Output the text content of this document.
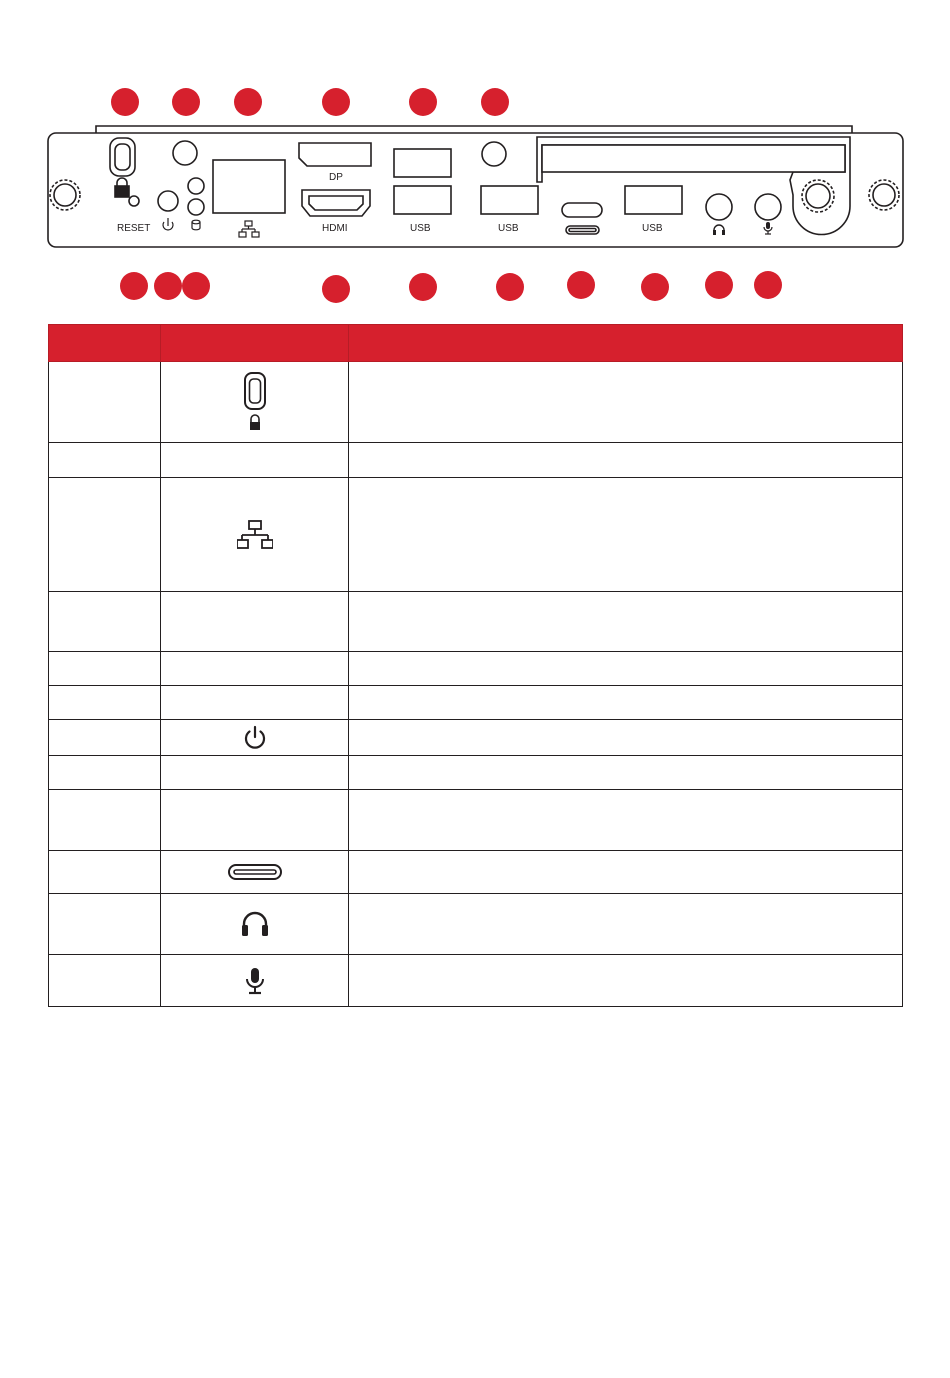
RESET
DP
HDMI	USB	USB	USB
